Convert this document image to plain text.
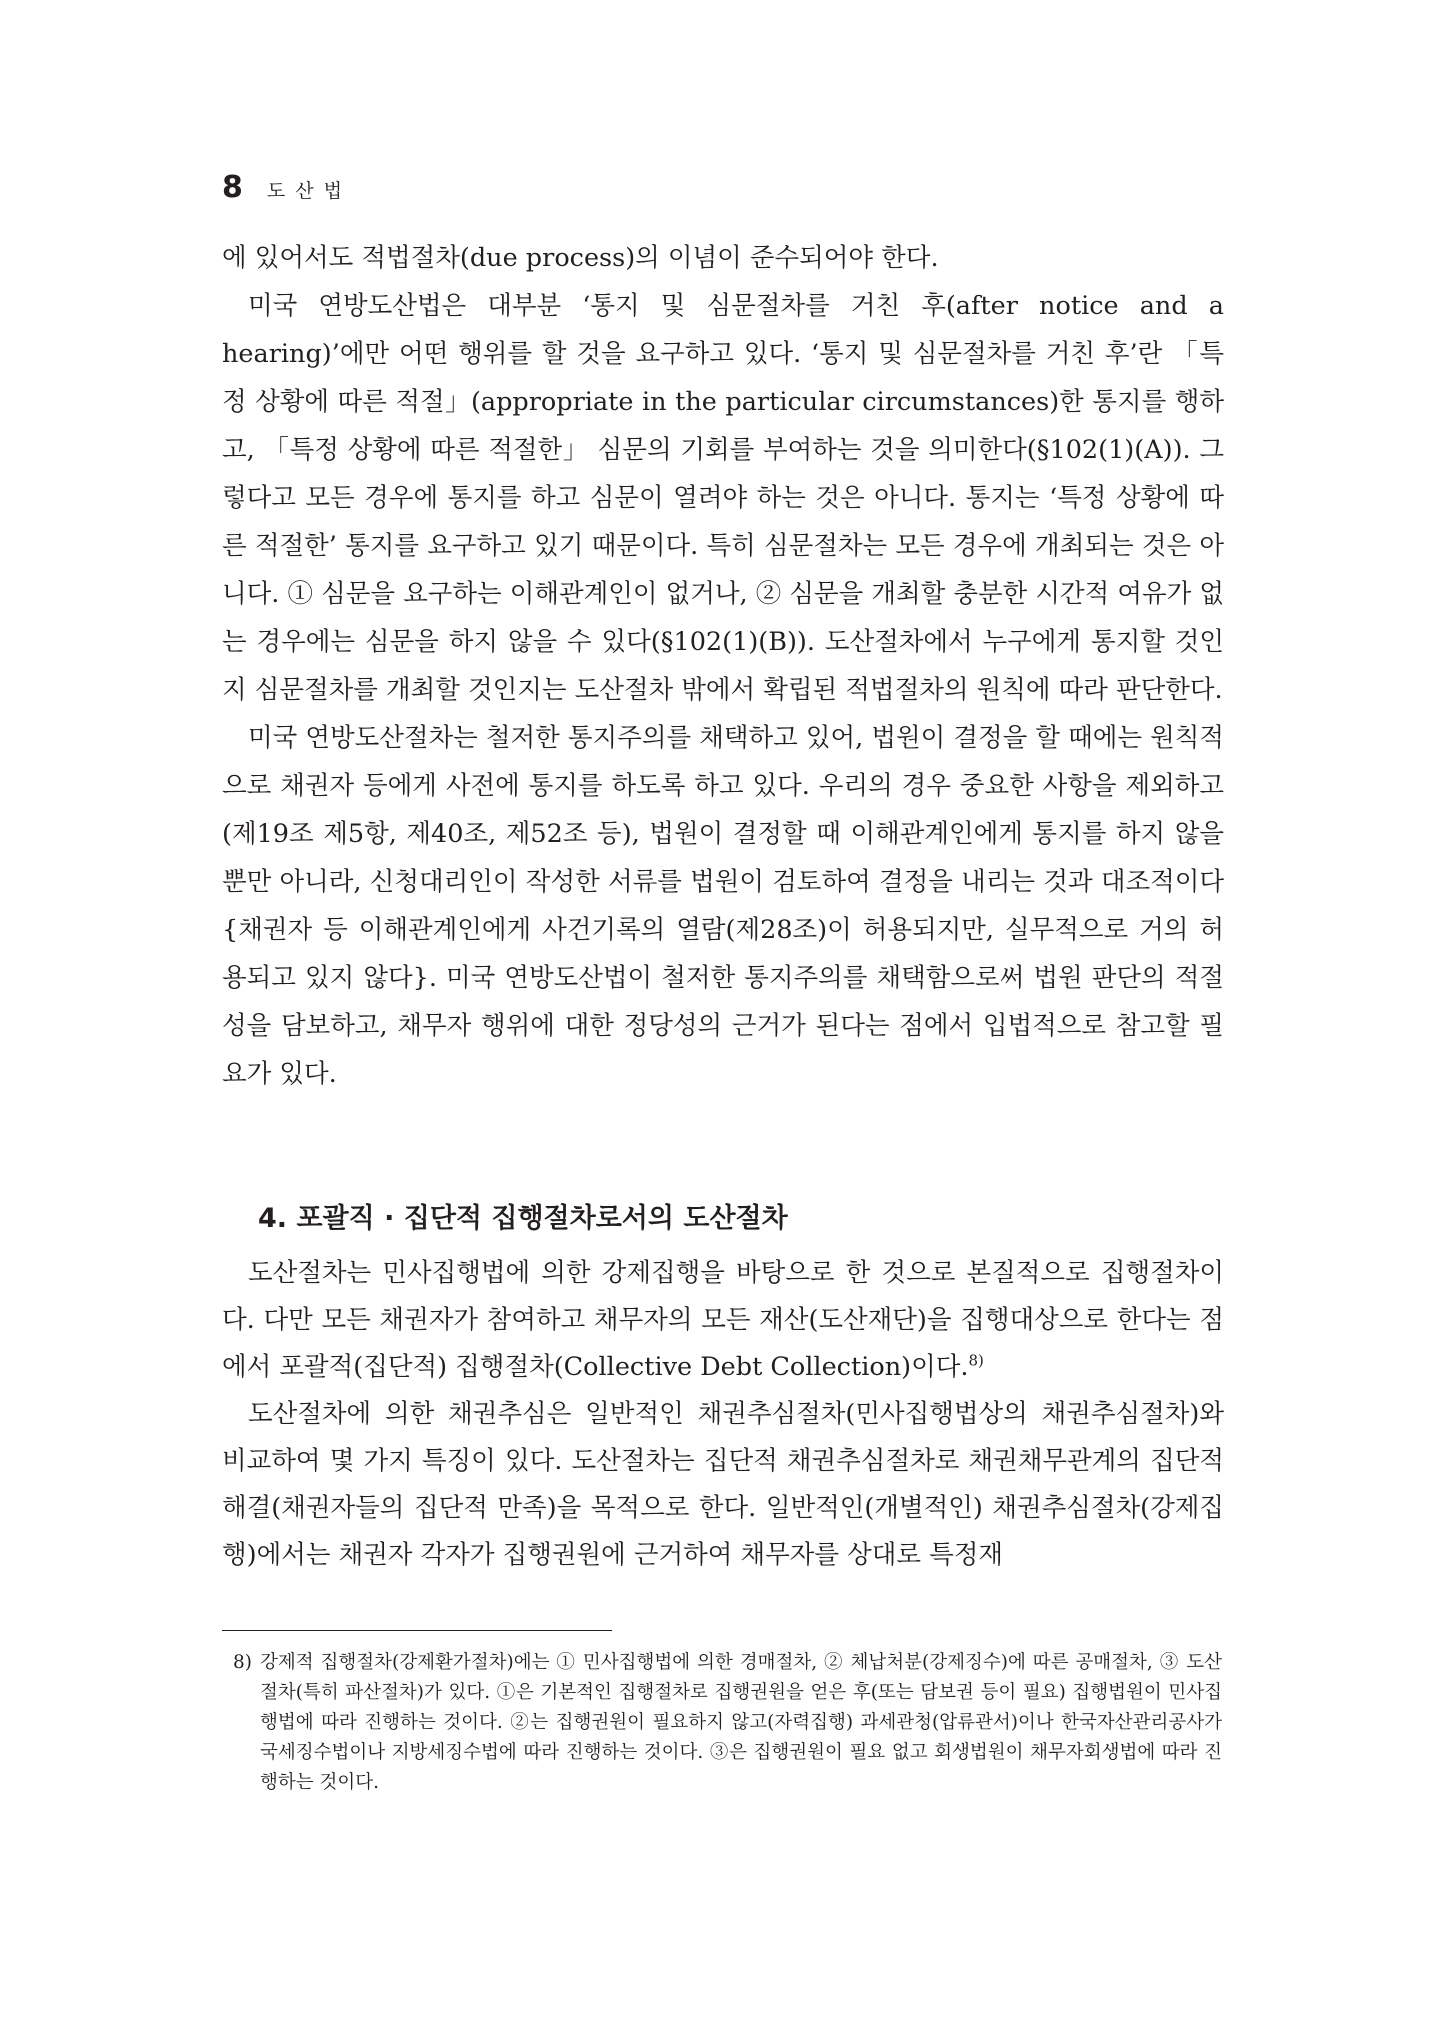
8 도산법

에 있어서도 적법절차(due process)의 이념이 준수되어야 한다.

미국 연방도산법은 대부분 ‘통지 및 심문절차를 거친 후(after notice and a hearing)’에만 어떤 행위를 할 것을 요구하고 있다. ‘통지 및 심문절차를 거친 후’란 「특정 상황에 따른 적절」(appropriate in the particular circumstances)한 통지를 행하고, 「특정 상황에 따른 적절한」 심문의 기회를 부여하는 것을 의미한다(§102(1)(A)). 그렇다고 모든 경우에 통지를 하고 심문이 열려야 하는 것은 아니다. 통지는 ‘특정 상황에 따른 적절한’ 통지를 요구하고 있기 때문이다. 특히 심문절차는 모든 경우에 개최되는 것은 아니다. ① 심문을 요구하는 이해관계인이 없거나, ② 심문을 개최할 충분한 시간적 여유가 없는 경우에는 심문을 하지 않을 수 있다(§102(1)(B)). 도산절차에서 누구에게 통지할 것인지 심문절차를 개최할 것인지는 도산절차 밖에서 확립된 적법절차의 원칙에 따라 판단한다.

미국 연방도산절차는 철저한 통지주의를 채택하고 있어, 법원이 결정을 할 때에는 원칙적으로 채권자 등에게 사전에 통지를 하도록 하고 있다. 우리의 경우 중요한 사항을 제외하고(제19조 제5항, 제40조, 제52조 등), 법원이 결정할 때 이해관계인에게 통지를 하지 않을 뿐만 아니라, 신청대리인이 작성한 서류를 법원이 검토하여 결정을 내리는 것과 대조적이다{채권자 등 이해관계인에게 사건기록의 열람(제28조)이 허용되지만, 실무적으로 거의 허용되고 있지 않다}. 미국 연방도산법이 철저한 통지주의를 채택함으로써 법원 판단의 적절성을 담보하고, 채무자 행위에 대한 정당성의 근거가 된다는 점에서 입법적으로 참고할 필요가 있다.

4. 포괄직 · 집단적 집행절차로서의 도산절차

도산절차는 민사집행법에 의한 강제집행을 바탕으로 한 것으로 본질적으로 집행절차이다. 다만 모든 채권자가 참여하고 채무자의 모든 재산(도산재단)을 집행대상으로 한다는 점에서 포괄적(집단적) 집행절차(Collective Debt Collection)이다.$^{8)}$

도산절차에 의한 채권추심은 일반적인 채권추심절차(민사집행법상의 채권추심절차)와 비교하여 몇 가지 특징이 있다. 도산절차는 집단적 채권추심절차로 채권채무관계의 집단적 해결(채권자들의 집단적 만족)을 목적으로 한다. 일반적인(개별적인) 채권추심절차(강제집행)에서는 채권자 각자가 집행권원에 근거하여 채무자를 상대로 특정재

8) 강제적 집행절차(강제환가절차)에는 ① 민사집행법에 의한 경매절차, ② 체납처분(강제징수)에 따른 공매절차, ③ 도산절차(특히 파산절차)가 있다. ①은 기본적인 집행절차로 집행권원을 얻은 후(또는 담보권 등이 필요) 집행법원이 민사집행법에 따라 진행하는 것이다. ②는 집행권원이 필요하지 않고(자력집행) 과세관청(압류관서)이나 한국자산관리공사가 국세징수법이나 지방세징수법에 따라 진행하는 것이다. ③은 집행권원이 필요 없고 회생법원이 채무자회생법에 따라 진행하는 것이다.
